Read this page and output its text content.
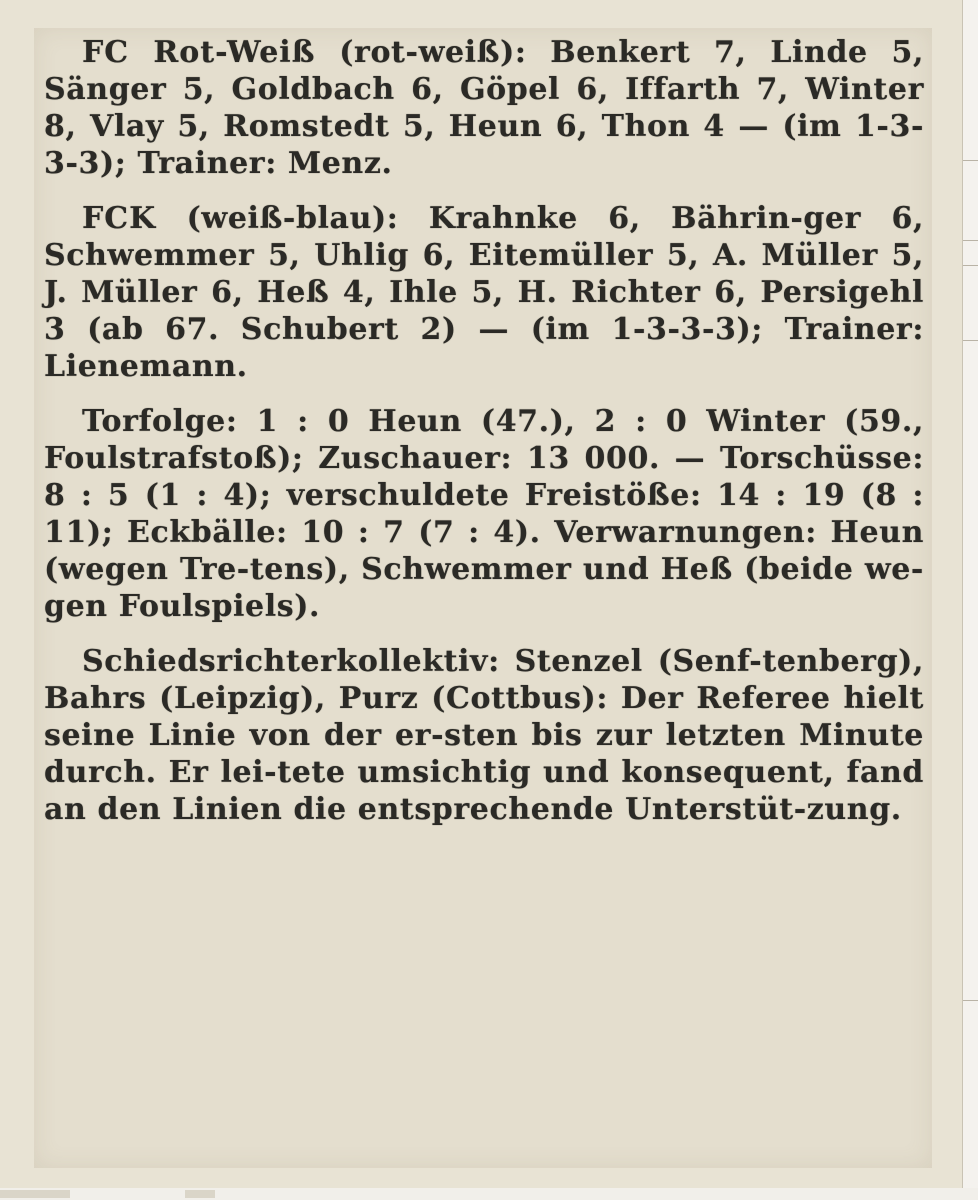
FC Rot-Weiß (rot-weiß): Benkert 7, Linde 5, Sänger 5, Goldbach 6, Göpel 6, Iffarth 7, Winter 8, Vlay 5, Romstedt 5, Heun 6, Thon 4 — (im 1-3-3-3); Trainer: Menz.

FCK (weiß-blau): Krahnke 6, Bährin-ger 6, Schwemmer 5, Uhlig 6, Eitemüller 5, A. Müller 5, J. Müller 6, Heß 4, Ihle 5, H. Richter 6, Persigehl 3 (ab 67. Schubert 2) — (im 1-3-3-3); Trainer: Lienemann.

Torfolge: 1 : 0 Heun (47.), 2 : 0 Winter (59., Foulstrafstoß); Zuschauer: 13 000. — Torschüsse: 8 : 5 (1 : 4); verschuldete Freistöße: 14 : 19 (8 : 11); Eckbälle: 10 : 7 (7 : 4). Verwarnungen: Heun (wegen Tre-tens), Schwemmer und Heß (beide we-gen Foulspiels).

Schiedsrichterkollektiv: Stenzel (Senf-tenberg), Bahrs (Leipzig), Purz (Cottbus): Der Referee hielt seine Linie von der er-sten bis zur letzten Minute durch. Er lei-tete umsichtig und konsequent, fand an den Linien die entsprechende Unterstüt-zung.
